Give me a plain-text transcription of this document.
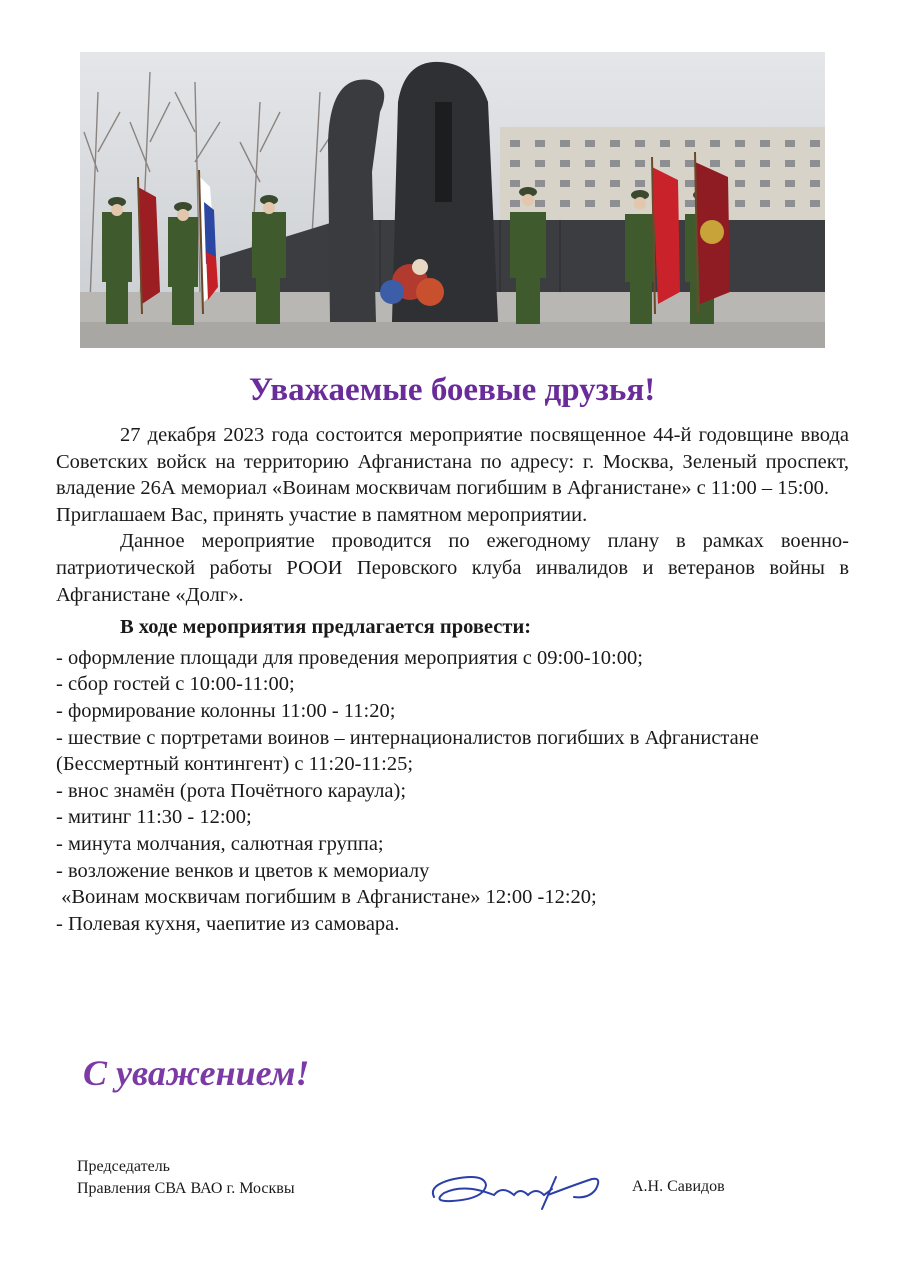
Уважаемые боевые друзья!

27 декабря 2023 года состоится мероприятие посвященное 44-й годовщине ввода Советских войск на территорию Афганистана по адресу: г. Москва, Зеленый проспект, владение 26А мемориал «Воинам москвичам погибшим в Афганистане» с 11:00 – 15:00.

Приглашаем Вас, принять участие в памятном мероприятии.

Данное мероприятие проводится по ежегодному плану в рамках военно-патриотической работы РООИ Перовского клуба инвалидов и ветеранов войны в Афганистане «Долг».

В ходе мероприятия предлагается провести:

- оформление площади для проведения мероприятия с 09:00-10:00;
- сбор гостей с 10:00-11:00;
- формирование колонны 11:00 - 11:20;
- шествие с портретами воинов – интернационалистов погибших в Афганистане
(Бессмертный контингент) с 11:20-11:25;
- внос знамён (рота Почётного караула);
- митинг 11:30 - 12:00;
- минута молчания, салютная группа;
- возложение венков и цветов к мемориалу
«Воинам москвичам погибшим в Афганистане» 12:00 -12:20;
- Полевая кухня, чаепитие из самовара.
С уважением!
Председатель
Правления СВА ВАО г. Москвы	А.Н. Савидов
